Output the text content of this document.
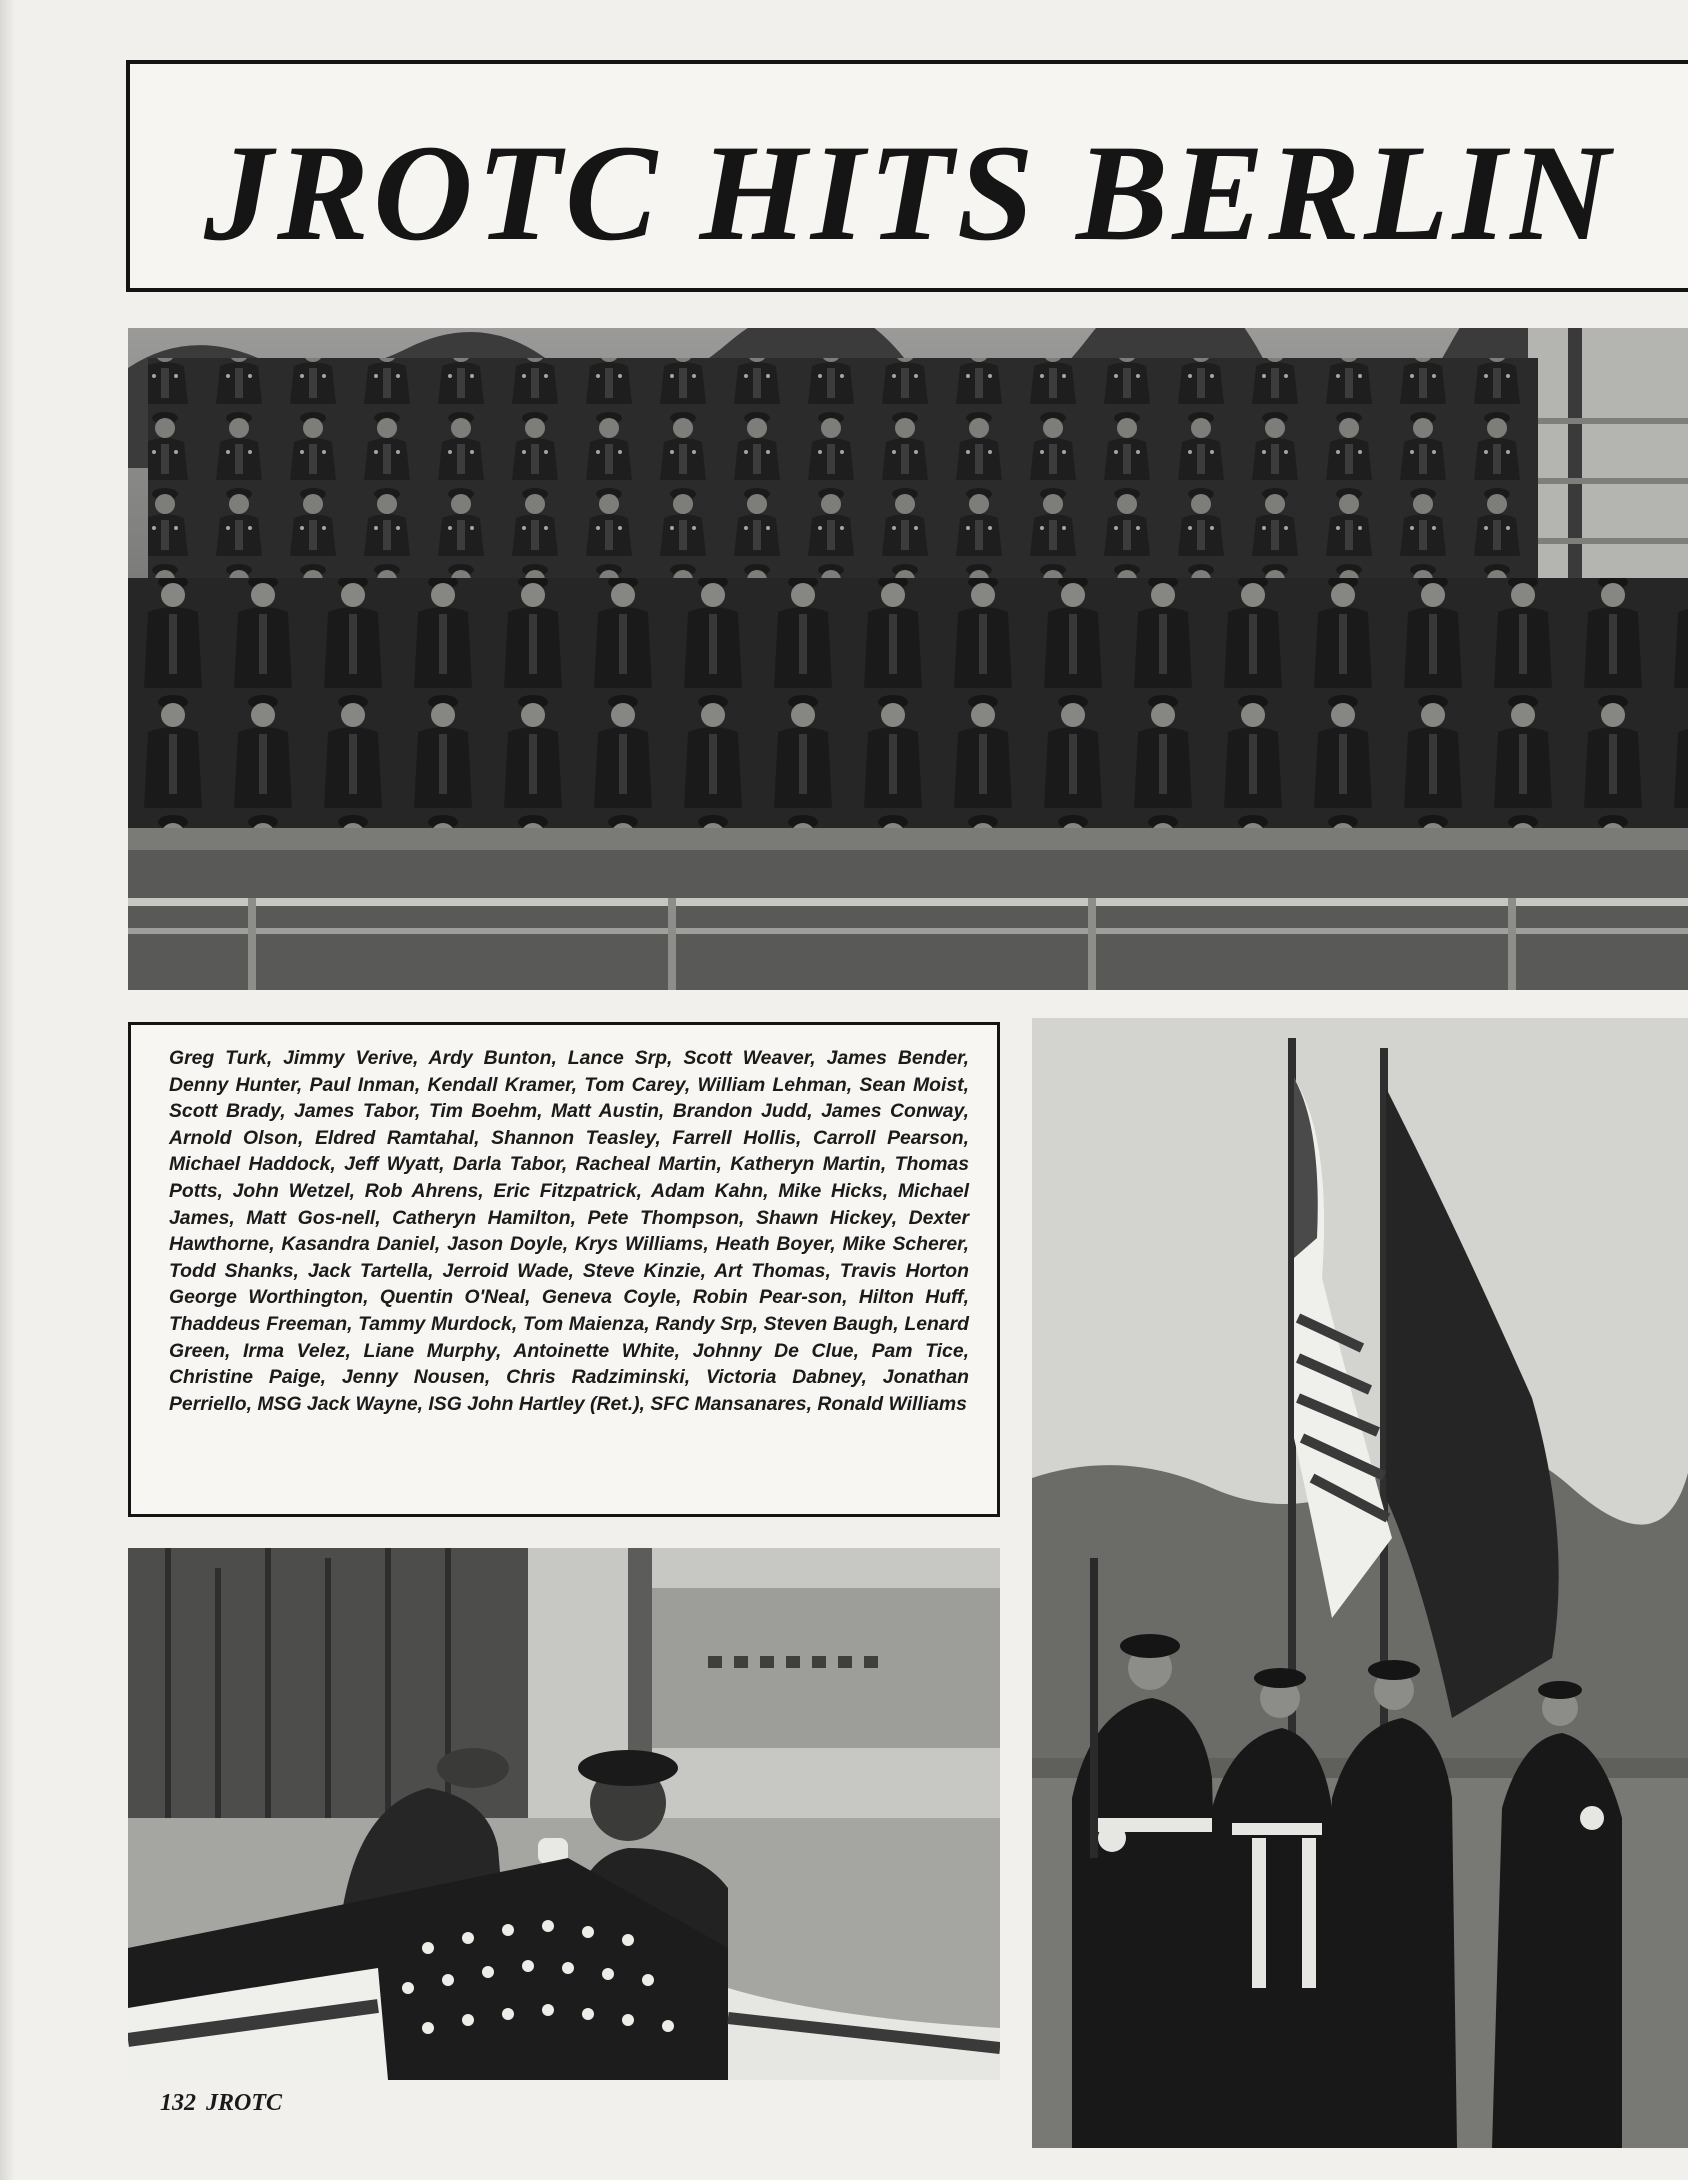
JROTC HITS BERLIN
Greg Turk, Jimmy Verive, Ardy Bunton, Lance Srp, Scott Weaver, James Bender, Denny Hunter, Paul Inman, Kendall Kramer, Tom Carey, William Lehman, Sean Moist, Scott Brady, James Tabor, Tim Boehm, Matt Austin, Brandon Judd, James Conway, Arnold Olson, Eldred Ramtahal, Shannon Teasley, Farrell Hollis, Carroll Pearson, Michael Haddock, Jeff Wyatt, Darla Tabor, Racheal Martin, Katheryn Martin, Thomas Potts, John Wetzel, Rob Ahrens, Eric Fitzpatrick, Adam Kahn, Mike Hicks, Michael James, Matt Gos-nell, Catheryn Hamilton, Pete Thompson, Shawn Hickey, Dexter Hawthorne, Kasandra Daniel, Jason Doyle, Krys Williams, Heath Boyer, Mike Scherer, Todd Shanks, Jack Tartella, Jerroid Wade, Steve Kinzie, Art Thomas, Travis Horton George Worthington, Quentin O'Neal, Geneva Coyle, Robin Pear-son, Hilton Huff, Thaddeus Freeman, Tammy Murdock, Tom Maienza, Randy Srp, Steven Baugh, Lenard Green, Irma Velez, Liane Murphy, Antoinette White, Johnny De Clue, Pam Tice, Christine Paige, Jenny Nousen, Chris Radziminski, Victoria Dabney, Jonathan Perriello, MSG Jack Wayne, ISG John Hartley (Ret.), SFC Mansanares, Ronald Williams
132 JROTC
